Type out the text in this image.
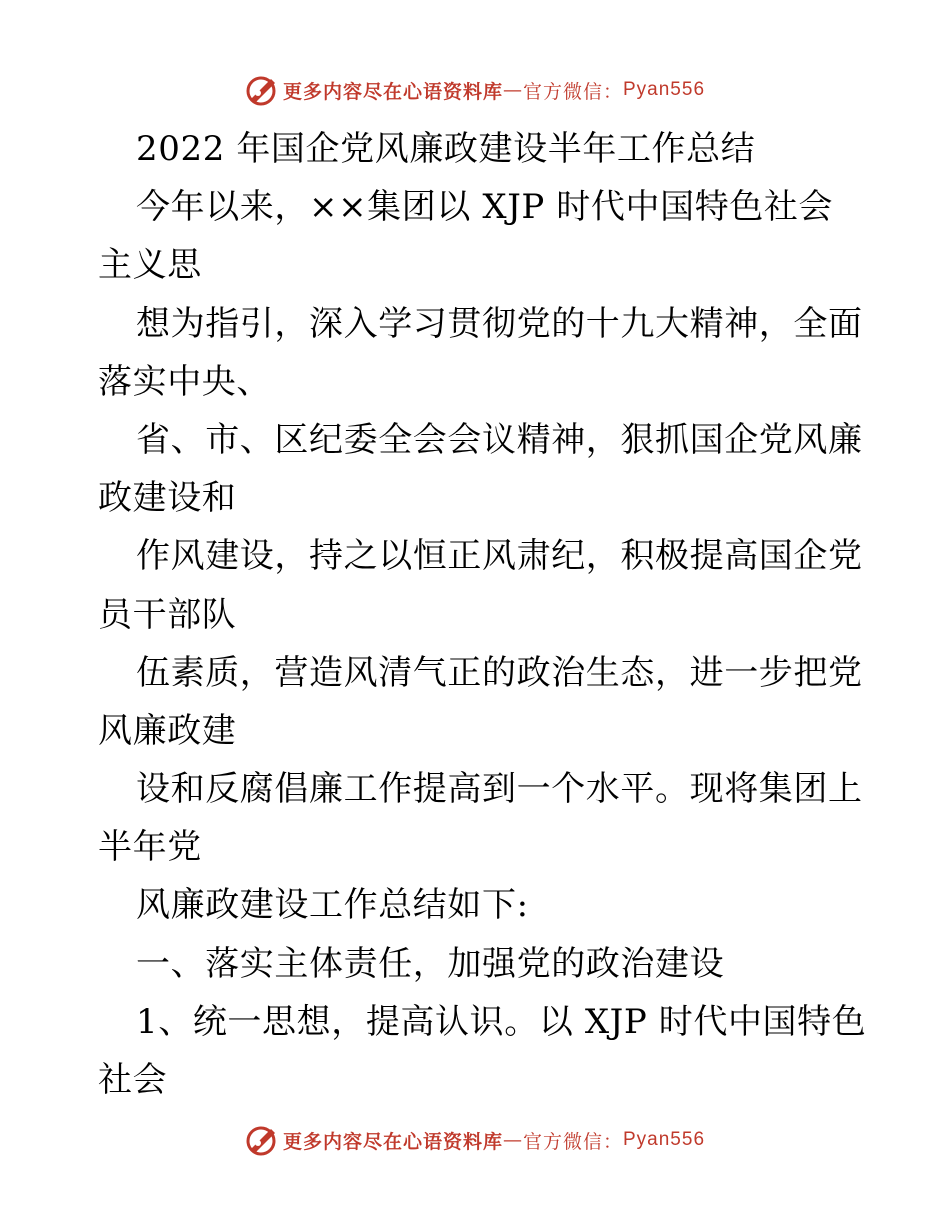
更多内容尽在心语资料库 — 官方微信： Pyan556
2022 年国企党风廉政建设半年工作总结
今年以来，××集团以 XJP 时代中国特色社会
主义思
想为指引，深入学习贯彻党的十九大精神，全面
落实中央、
省、市、区纪委全会会议精神，狠抓国企党风廉
政建设和
作风建设，持之以恒正风肃纪，积极提高国企党
员干部队
伍素质，营造风清气正的政治生态，进一步把党
风廉政建
设和反腐倡廉工作提高到一个水平。现将集团上
半年党
风廉政建设工作总结如下:
一、落实主体责任，加强党的政治建设
1、统一思想，提高认识。以 XJP 时代中国特色
社会
更多内容尽在心语资料库 — 官方微信： Pyan556
